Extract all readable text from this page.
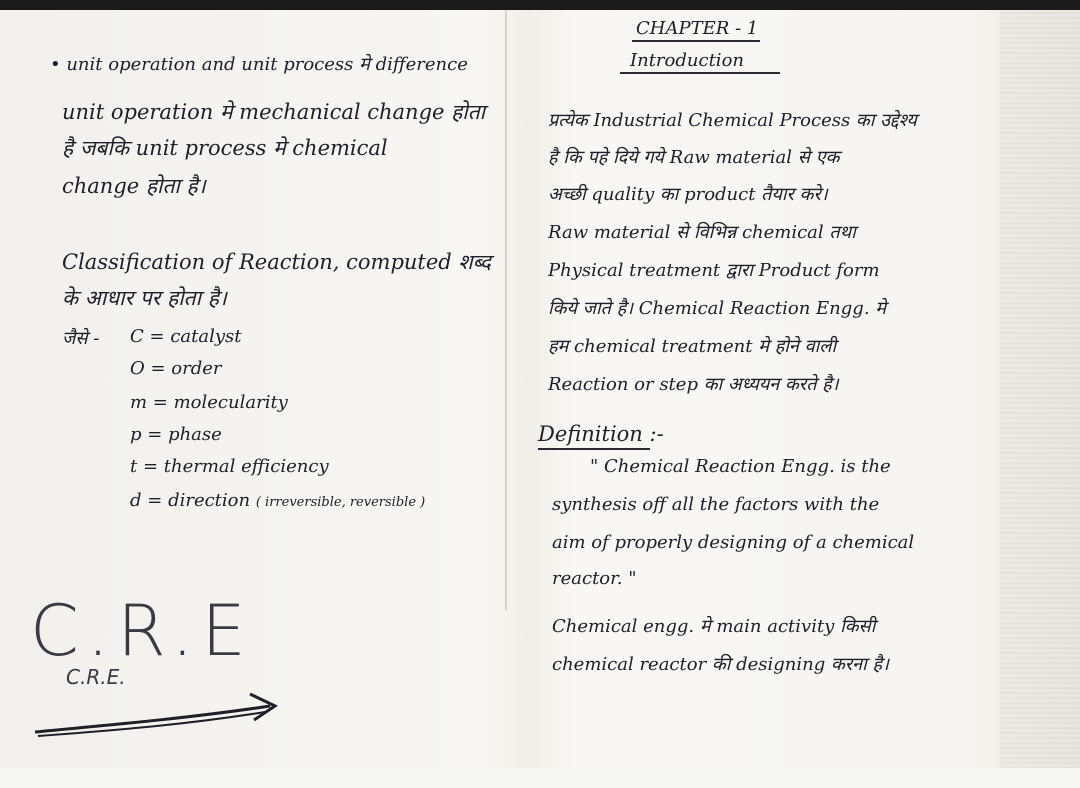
• unit operation and unit process मे difference
unit operation मे mechanical change होता
है जबकि unit process मे chemical
change होता है।
Classification of Reaction, computed शब्द
के आधार पर होता है।
जैसे - C = catalyst
O = order
m = molecularity
p = phase
t = thermal efficiency
d = direction ( irreversible, reversible )
C.R.E
C.R.E.
CHAPTER - 1
Introduction
प्रत्येक Industrial Chemical Process का उद्देश्य
है कि पहे दिये गये Raw material से एक
अच्छी quality का product तैयार करे।
Raw material से विभिन्न chemical तथा
Physical treatment द्वारा Product form
किये जाते है। Chemical Reaction Engg. मे
हम chemical treatment मे होने वाली
Reaction or step का अध्ययन करते है।
Definition :-
" Chemical Reaction Engg. is the
synthesis off all the factors with the
aim of properly designing of a chemical
reactor. "
Chemical engg. मे main activity किसी
chemical reactor की designing करना है।
